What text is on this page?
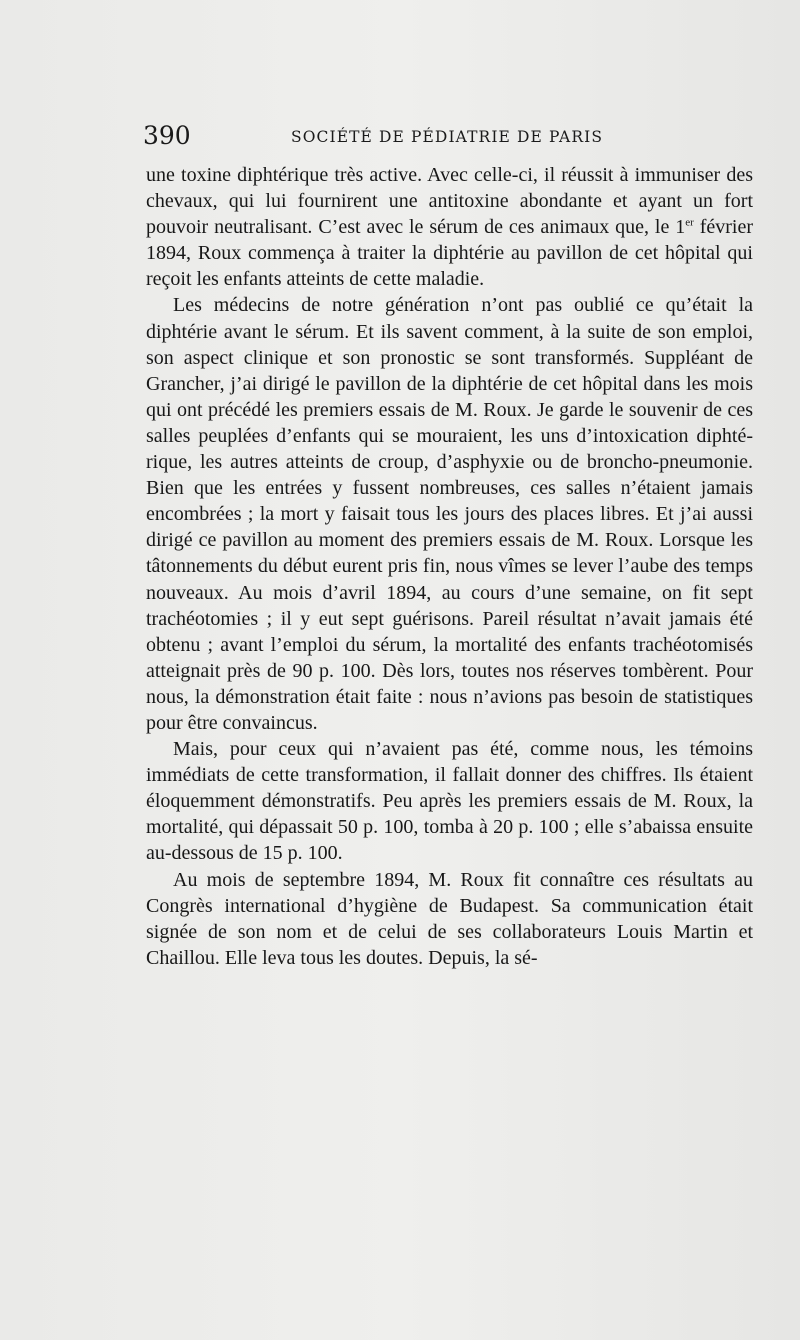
390	SOCIÉTÉ DE PÉDIATRIE DE PARIS

une toxine diphtérique très active. Avec celle-ci, il réussit à immuniser des chevaux, qui lui fournirent une antitoxine abondante et ayant un fort pouvoir neutralisant. C’est avec le sérum de ces animaux que, le 1er février 1894, Roux commença à traiter la diphtérie au pavillon de cet hôpital qui reçoit les enfants atteints de cette maladie.

Les médecins de notre génération n’ont pas oublié ce qu’était la diphtérie avant le sérum. Et ils savent comment, à la suite de son emploi, son aspect clinique et son pronostic se sont transformés. Suppléant de Grancher, j’ai dirigé le pavillon de la diphtérie de cet hôpital dans les mois qui ont précédé les premiers essais de M. Roux. Je garde le souvenir de ces salles peuplées d’enfants qui se mouraient, les uns d’intoxication diphtérique, les autres atteints de croup, d’asphyxie ou de broncho-pneumonie. Bien que les entrées y fussent nombreuses, ces salles n’étaient jamais encombrées ; la mort y faisait tous les jours des places libres. Et j’ai aussi dirigé ce pavillon au moment des premiers essais de M. Roux. Lorsque les tâtonnements du début eurent pris fin, nous vîmes se lever l’aube des temps nouveaux. Au mois d’avril 1894, au cours d’une semaine, on fit sept trachéotomies ; il y eut sept guérisons. Pareil résultat n’avait jamais été obtenu ; avant l’emploi du sérum, la mortalité des enfants trachéotomisés atteignait près de 90 p. 100. Dès lors, toutes nos réserves tombèrent. Pour nous, la démonstration était faite : nous n’avions pas besoin de statistiques pour être convaincus.

Mais, pour ceux qui n’avaient pas été, comme nous, les témoins immédiats de cette transformation, il fallait donner des chiffres. Ils étaient éloquemment démonstratifs. Peu après les premiers essais de M. Roux, la mortalité, qui dépassait 50 p. 100, tomba à 20 p. 100 ; elle s’abaissa ensuite au-dessous de 15 p. 100.

Au mois de septembre 1894, M. Roux fit connaître ces résultats au Congrès international d’hygiène de Budapest. Sa communication était signée de son nom et de celui de ses collaborateurs Louis Martin et Chaillou. Elle leva tous les doutes. Depuis, la sé-
